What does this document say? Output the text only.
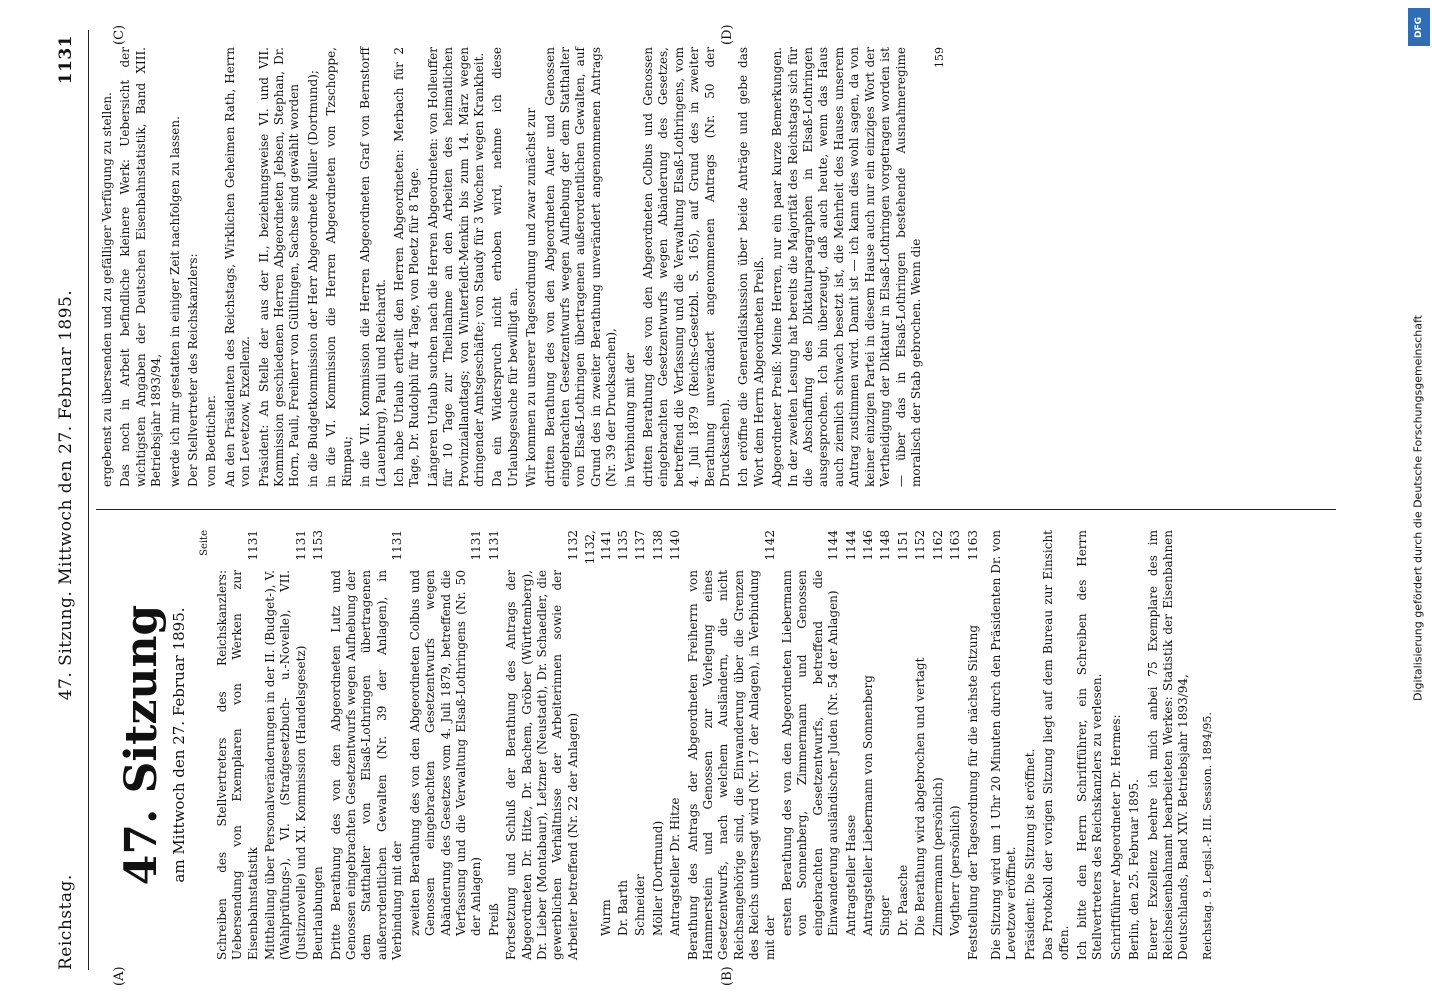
Reichstag.
47. Sitzung. Mittwoch den 27. Februar 1895.
1131
(A)	(B)
(C)	(D)
47. Sitzung am Mittwoch den 27. Februar 1895.
Seite
Schreiben des Stellvertreters des Reichskanzlers: Uebersendung von Exemplaren von Werken zur Eisenbahnstatistik
1131
Mittheilung über Personalveränderungen in der II. (Budget-), V. (Wahlprüfungs-), VI. (Strafgesetzbuch- u.-Novelle), VII. (Justiznovelle) und XI. Kommission (Handelsgesetz)
1131
Beurlaubungen
1153
Dritte Berathung des von den Abgeordneten Lutz und Genossen eingebrachten Gesetzentwurfs wegen Aufhebung der dem Statthalter von Elsaß-Lothringen übertragenen außerordentlichen Gewalten (Nr. 39 der Anlagen), in Verbindung mit der
1131
zweiten Berathung des von den Abgeordneten Colbus und Genossen eingebrachten Gesetzentwurfs wegen Abänderung des Gesetzes vom 4. Juli 1879, betreffend die Verfassung und die Verwaltung Elsaß-Lothringens (Nr. 50 der Anlagen)
1131
Preiß
1131
Fortsetzung und Schluß der Berathung des Antrags der Abgeordneten Dr. Hitze, Dr. Bachem, Gröber (Württemberg), Dr. Lieber (Montabaur), Letzner (Neustadt), Dr. Schaedler, die gewerblichen Verhältnisse der Arbeiterinnen sowie der Arbeiter betreffend (Nr. 22 der Anlagen)
1132
Wurm
1132, 1141
Dr. Barth
1135
Schneider
1137
Möller (Dortmund)
1138
Antragsteller Dr. Hitze
1140
Berathung des Antrags der Abgeordneten Freiherrn von Hammerstein und Genossen zur Vorlegung eines Gesetzentwurfs, nach welchem Ausländern, die nicht Reichsangehörige sind, die Einwanderung über die Grenzen des Reichs untersagt wird (Nr. 17 der Anlagen), in Verbindung mit der
1142
ersten Berathung des von den Abgeordneten Liebermann von Sonnenberg, Zimmermann und Genossen eingebrachten Gesetzentwurfs, betreffend die Einwanderung ausländischer Juden (Nr. 54 der Anlagen)
1144
Antragsteller Hasse
1144
Antragsteller Liebermann von Sonnenberg
1146
Singer
1148
Dr. Paasche
1151
Die Berathung wird abgebrochen und vertagt
1152
Zimmermann (persönlich)
1162
Vogtherr (persönlich)
1163
Feststellung der Tagesordnung für die nächste Sitzung
1163 Die Sitzung wird um 1 Uhr 20 Minuten durch den Präsidenten Dr. von Levetzow eröffnet. Präsident: Die Sitzung ist eröffnet. Das Protokoll der vorigen Sitzung liegt auf dem Bureau zur Einsicht offen. Ich bitte den Herrn Schriftführer, ein Schreiben des Herrn Stellvertreters des Reichskanzlers zu verlesen. Schriftführer Abgeordneter Dr. Hermes: Berlin, den 25. Februar 1895. Euerer Exzellenz beehre ich mich anbei 75 Exemplare des im Reichseisenbahnamt bearbeiteten Werkes: Statistik der Eisenbahnen Deutschlands, Band XIV. Betriebsjahr 1893/94, Reichstag. 9. Legisl.-P. III. Session. 1894/95.

ergebenst zu übersenden und zu gefälliger Verfügung zu stellen. Das noch in Arbeit befindliche kleinere Werk: Uebersicht der wichtigsten Angaben der Deutschen Eisenbahnstatistik, Band XIII. Betriebsjahr 1893/94, werde ich mir gestatten in einiger Zeit nachfolgen zu lassen. Der Stellvertreter des Reichskanzlers: von Boetticher. An den Präsidenten des Reichstags, Wirklichen Geheimen Rath, Herrn von Levetzow, Exzellenz. Präsident: An Stelle der aus der II., beziehungsweise VI. und VII. Kommission geschiedenen Herren Abgeordneten Jebsen, Stephan, Dr. Horn, Pauli, Freiherr von Gültlingen, Sachse sind gewählt worden in die Budgetkommission der Herr Abgeordnete Müller (Dortmund); in die VI. Kommission die Herren Abgeordneten von Tzschoppe, Rimpau; in die VII. Kommission die Herren Abgeordneten Graf von Bernstorff (Lauenburg), Pauli und Reichardt. Ich habe Urlaub ertheilt den Herren Abgeordneten: Merbach für 2 Tage, Dr. Rudolphi für 4 Tage, von Ploetz für 8 Tage. Längeren Urlaub suchen nach die Herren Abgeordneten: von Holleuffer für 10 Tage zur Theilnahme an den Arbeiten des heimatlichen Provinziallandtags; von Winterfeldt-Menkin bis zum 14. März wegen dringender Amtsgeschäfte; von Staudy für 3 Wochen wegen Krankheit. Da ein Widerspruch nicht erhoben wird, nehme ich diese Urlaubsgesuche für bewilligt an. Wir kommen zu unserer Tagesordnung und zwar zunächst zur dritten Berathung des von den Abgeordneten Auer und Genossen eingebrachten Gesetzentwurfs wegen Aufhebung der dem Statthalter von Elsaß-Lothringen übertragenen außerordentlichen Gewalten, auf Grund des in zweiter Berathung unverändert angenommenen Antrags (Nr. 39 der Drucksachen), in Verbindung mit der dritten Berathung des von den Abgeordneten Colbus und Genossen eingebrachten Gesetzentwurfs wegen Abänderung des Gesetzes, betreffend die Verfassung und die Verwaltung Elsaß-Lothringens, vom 4. Juli 1879 (Reichs-Gesetzbl. S. 165), auf Grund des in zweiter Berathung unverändert angenommenen Antrags (Nr. 50 der Drucksachen). Ich eröffne die Generaldiskussion über beide Anträge und gebe das Wort dem Herrn Abgeordneten Preiß. Abgeordneter Preiß: Meine Herren, nur ein paar kurze Bemerkungen. In der zweiten Lesung hat bereits die Majorität des Reichstags sich für die Abschaffung des Diktaturparagraphen in Elsaß-Lothringen ausgesprochen. Ich bin überzeugt, daß auch heute, wenn das Haus auch ziemlich schwach besetzt ist, die Mehrheit des Hauses unserem Antrag zustimmen wird. Damit ist — ich kann dies wohl sagen, da von keiner einzigen Partei in diesem Hause auch nur ein einziges Wort der Vertheidigung der Diktatur in Elsaß-Lothringen vorgetragen worden ist — über das in Elsaß-Lothringen bestehende Ausnahmeregime moralisch der Stab gebrochen. Wenn die

159
DFG
Digitalisierung gefördert durch die Deutsche Forschungsgemeinschaft
